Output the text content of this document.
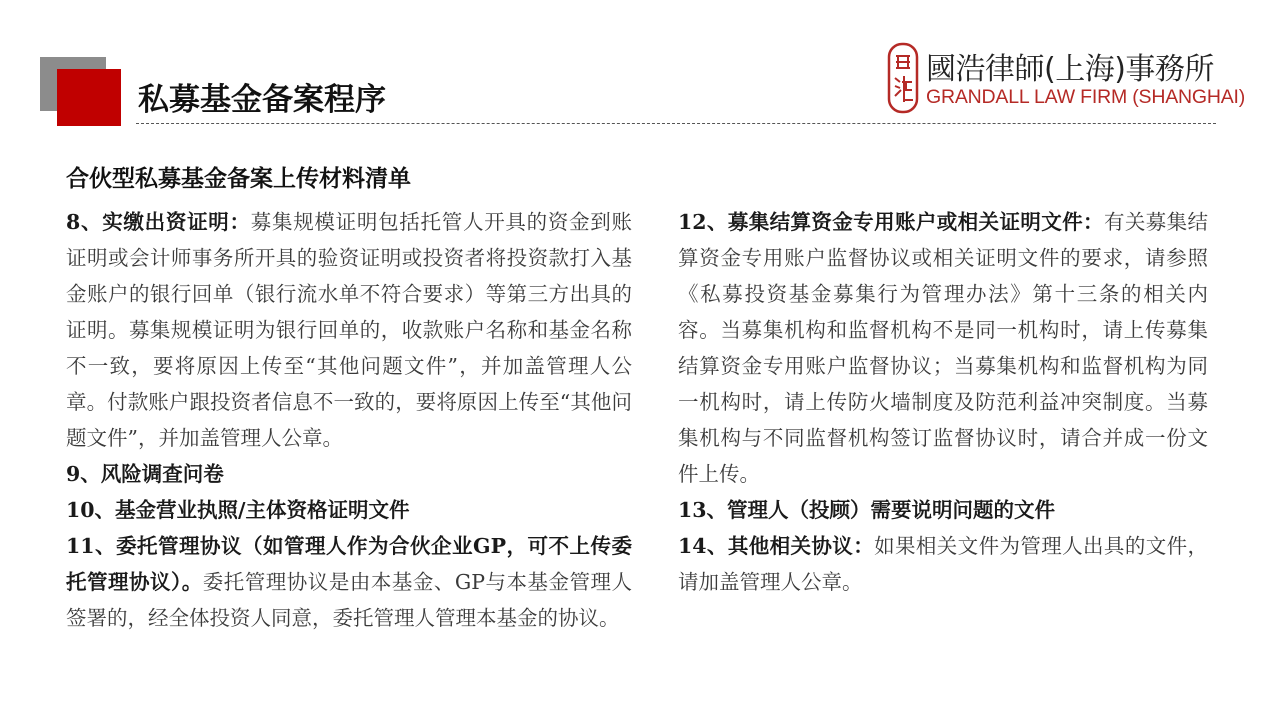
私募基金备案程序
國浩律師(上海)事務所
GRANDALL LAW FIRM (SHANGHAI)
合伙型私募基金备案上传材料清单

8、实缴出资证明：募集规模证明包括托管人开具的资金到账证明或会计师事务所开具的验资证明或投资者将投资款打入基金账户的银行回单（银行流水单不符合要求）等第三方出具的证明。募集规模证明为银行回单的，收款账户名称和基金名称不一致，要将原因上传至“其他问题文件”，并加盖管理人公章。付款账户跟投资者信息不一致的，要将原因上传至“其他问题文件”，并加盖管理人公章。

9、风险调查问卷

10、基金营业执照/主体资格证明文件

11、委托管理协议（如管理人作为合伙企业GP，可不上传委托管理协议）。委托管理协议是由本基金、GP与本基金管理人签署的，经全体投资人同意，委托管理人管理本基金的协议。

12、募集结算资金专用账户或相关证明文件：有关募集结算资金专用账户监督协议或相关证明文件的要求，请参照《私募投资基金募集行为管理办法》第十三条的相关内容。当募集机构和监督机构不是同一机构时，请上传募集结算资金专用账户监督协议；当募集机构和监督机构为同一机构时，请上传防火墙制度及防范利益冲突制度。当募集机构与不同监督机构签订监督协议时，请合并成一份文件上传。

13、管理人（投顾）需要说明问题的文件

14、其他相关协议：如果相关文件为管理人出具的文件，请加盖管理人公章。
